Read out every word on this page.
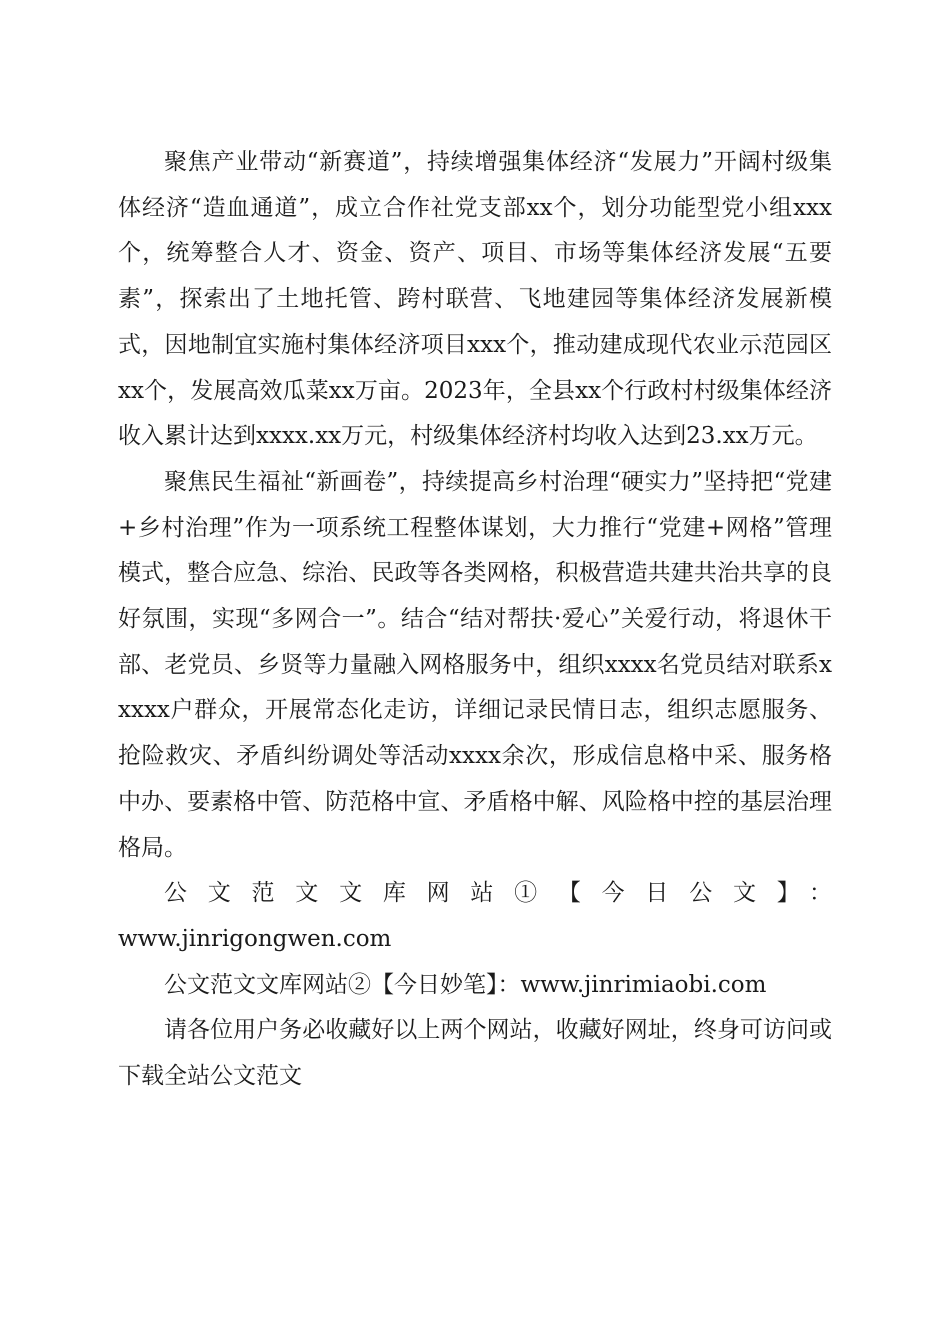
聚焦产业带动“新赛道”，持续增强集体经济“发展力”开阔村级集体经济“造血通道”，成立合作社党支部xx个，划分功能型党小组xxx个，统筹整合人才、资金、资产、项目、市场等集体经济发展“五要素”，探索出了土地托管、跨村联营、飞地建园等集体经济发展新模式，因地制宜实施村集体经济项目xxx个，推动建成现代农业示范园区xx个，发展高效瓜菜xx万亩。2023年，全县xx个行政村村级集体经济收入累计达到xxxx.xx万元，村级集体经济村均收入达到23.xx万元。

聚焦民生福祉“新画卷”，持续提高乡村治理“硬实力”坚持把“党建+乡村治理”作为一项系统工程整体谋划，大力推行“党建+网格”管理模式，整合应急、综治、民政等各类网格，积极营造共建共治共享的良好氛围，实现“多网合一”。结合“结对帮扶·爱心”关爱行动，将退休干部、老党员、乡贤等力量融入网格服务中，组织xxxx名党员结对联系xxxxx户群众，开展常态化走访，详细记录民情日志，组织志愿服务、抢险救灾、矛盾纠纷调处等活动xxxx余次，形成信息格中采、服务格中办、要素格中管、防范格中宣、矛盾格中解、风险格中控的基层治理格局。

公文范文文库网站①【今日公文】：
www.jinrigongwen.com

公文范文文库网站②【今日妙笔】：www.jinrimiaobi.com

请各位用户务必收藏好以上两个网站，收藏好网址，终身可访问或下载全站公文范文
